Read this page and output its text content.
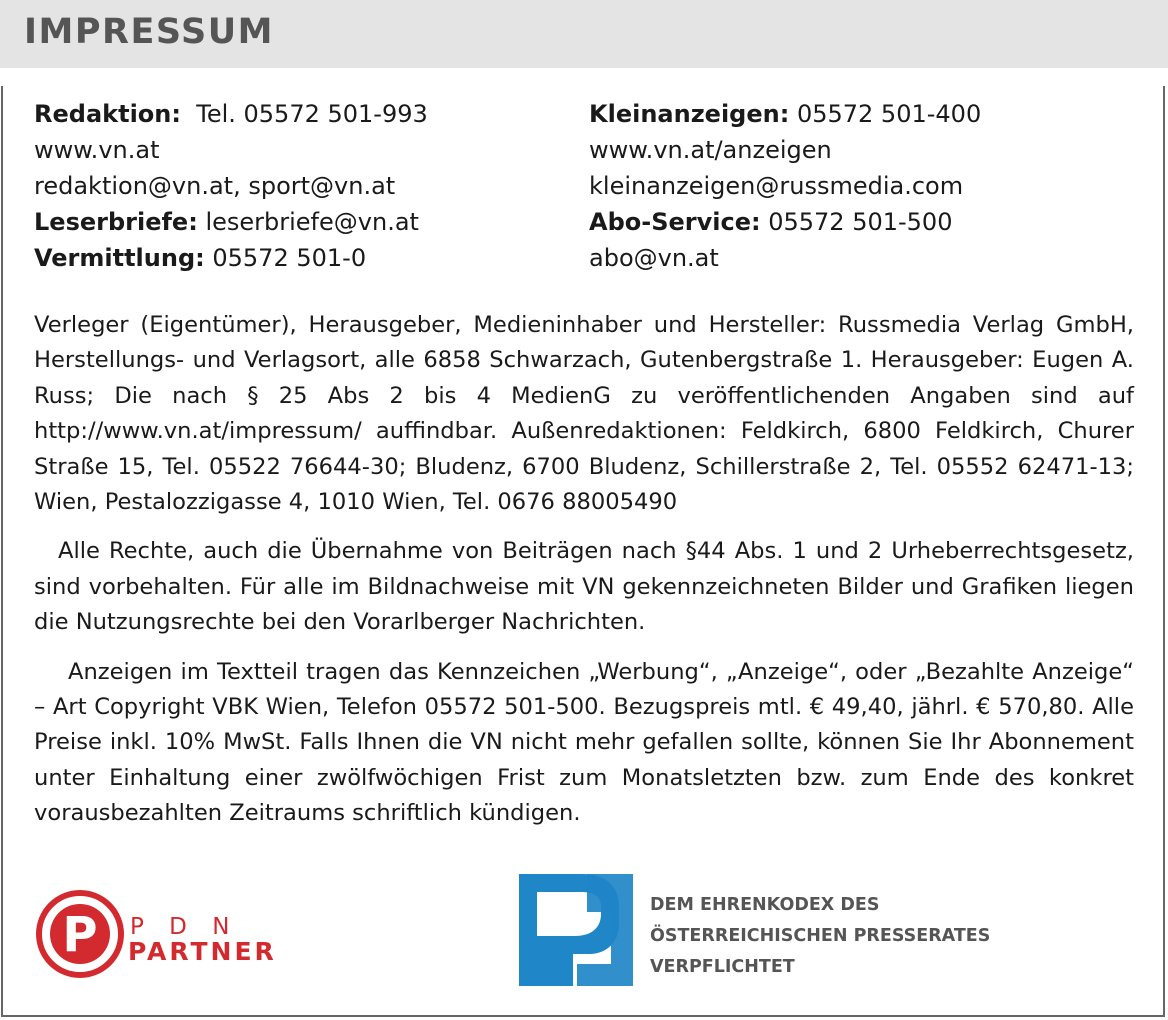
IMPRESSUM
Redaktion: Tel. 05572 501-993
www.vn.at
redaktion@vn.at, sport@vn.at
Leserbriefe: leserbriefe@vn.at
Vermittlung: 05572 501-0
Kleinanzeigen: 05572 501-400
www.vn.at/anzeigen
kleinanzeigen@russmedia.com
Abo-Service: 05572 501-500
abo@vn.at

Verleger (Eigentümer), Herausgeber, Medieninhaber und Hersteller: Russmedia Verlag GmbH, Herstellungs- und Verlagsort, alle 6858 Schwarzach, Gutenbergstraße 1. Herausgeber: Eugen A. Russ; Die nach § 25 Abs 2 bis 4 MedienG zu veröffentlichenden Angaben sind auf http://www.vn.at/impressum/ auffindbar. Außenredaktionen: Feldkirch, 6800 Feldkirch, Churer Straße 15, Tel. 05522 76644-30; Bludenz, 6700 Bludenz, Schillerstraße 2, Tel. 05552 62471-13; Wien, Pestalozzigasse 4, 1010 Wien, Tel. 0676 88005490

Alle Rechte, auch die Übernahme von Beiträgen nach §44 Abs. 1 und 2 Urheberrechtsgesetz, sind vorbehalten. Für alle im Bildnachweise mit VN gekennzeichneten Bilder und Grafiken liegen die Nutzungsrechte bei den Vorarlberger Nachrichten.

Anzeigen im Textteil tragen das Kennzeichen „Werbung“, „Anzeige“, oder „Bezahlte Anzeige“ – Art Copyright VBK Wien, Telefon 05572 501-500. Bezugspreis mtl. € 49,40, jährl. € 570,80. Alle Preise inkl. 10% MwSt. Falls Ihnen die VN nicht mehr gefallen sollte, können Sie Ihr Abonnement unter Einhaltung einer zwölfwöchigen Frist zum Monatsletzten bzw. zum Ende des konkret vorausbezahlten Zeitraums schriftlich kündigen.

P P D N
PARTNER
DEM EHRENKODEX DES
ÖSTERREICHISCHEN PRESSERATES
VERPFLICHTET
